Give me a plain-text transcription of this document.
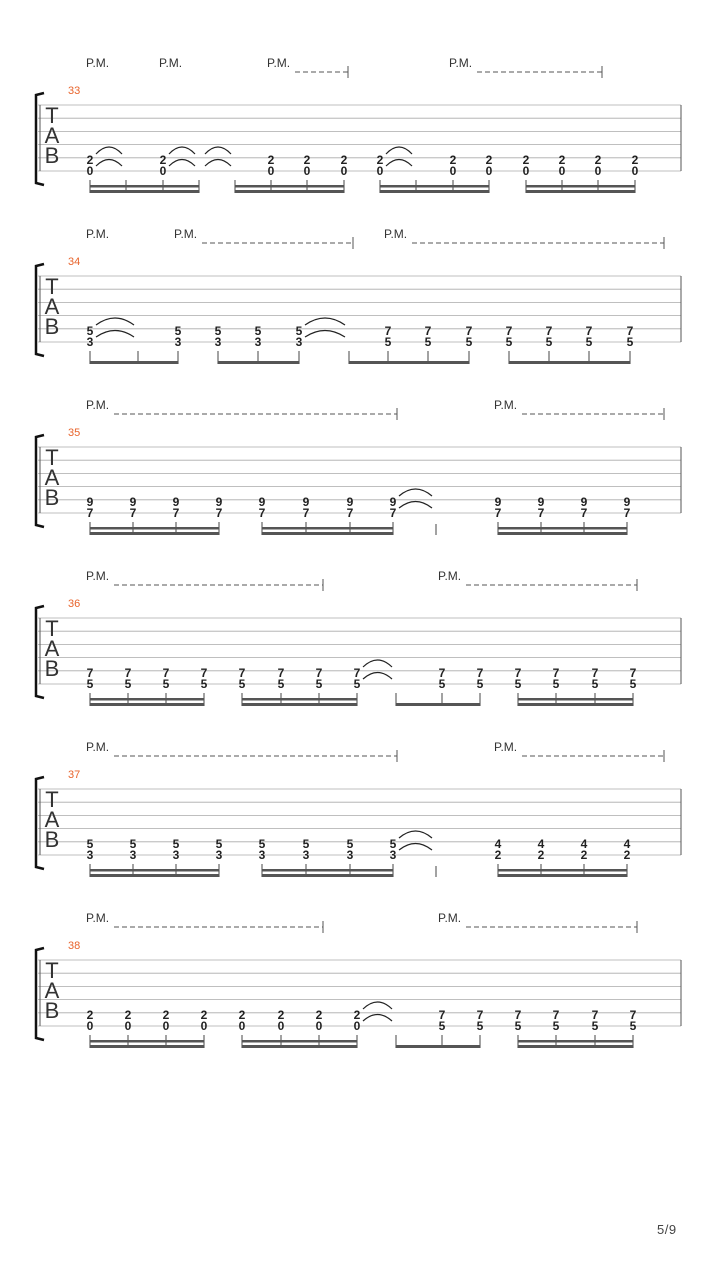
T
A
B
33
P.M.	P.M.	P.M.	P.M.
2
0
2
0
2
0
2
0
2
0
2
0
2
0
2
0
2
0
2
0
2
0
2
0
T
A
B
34
P.M.	P.M.	P.M.
5
3
5
3
5
3
5
3
5
3
7
5
7
5
7
5
7
5
7
5
7
5
7
5
T
A
B
35
P.M.	P.M.
9
7
9
7
9
7
9
7
9
7
9
7
9
7
9
7
9
7
9
7
9
7
9
7
T
A
B
36
P.M.	P.M.
7
5
7
5
7
5
7
5
7
5
7
5
7
5
7
5
7
5
7
5
7
5
7
5
7
5
7
5
T
A
B
37
P.M.	P.M.
5
3
5
3
5
3
5
3
5
3
5
3
5
3
5
3
4
2
4
2
4
2
4
2
T
A
B
38
P.M.	P.M.
2
0
2
0
2
0
2
0
2
0
2
0
2
0
2
0
7
5
7
5
7
5
7
5
7
5
7
5
5/9
